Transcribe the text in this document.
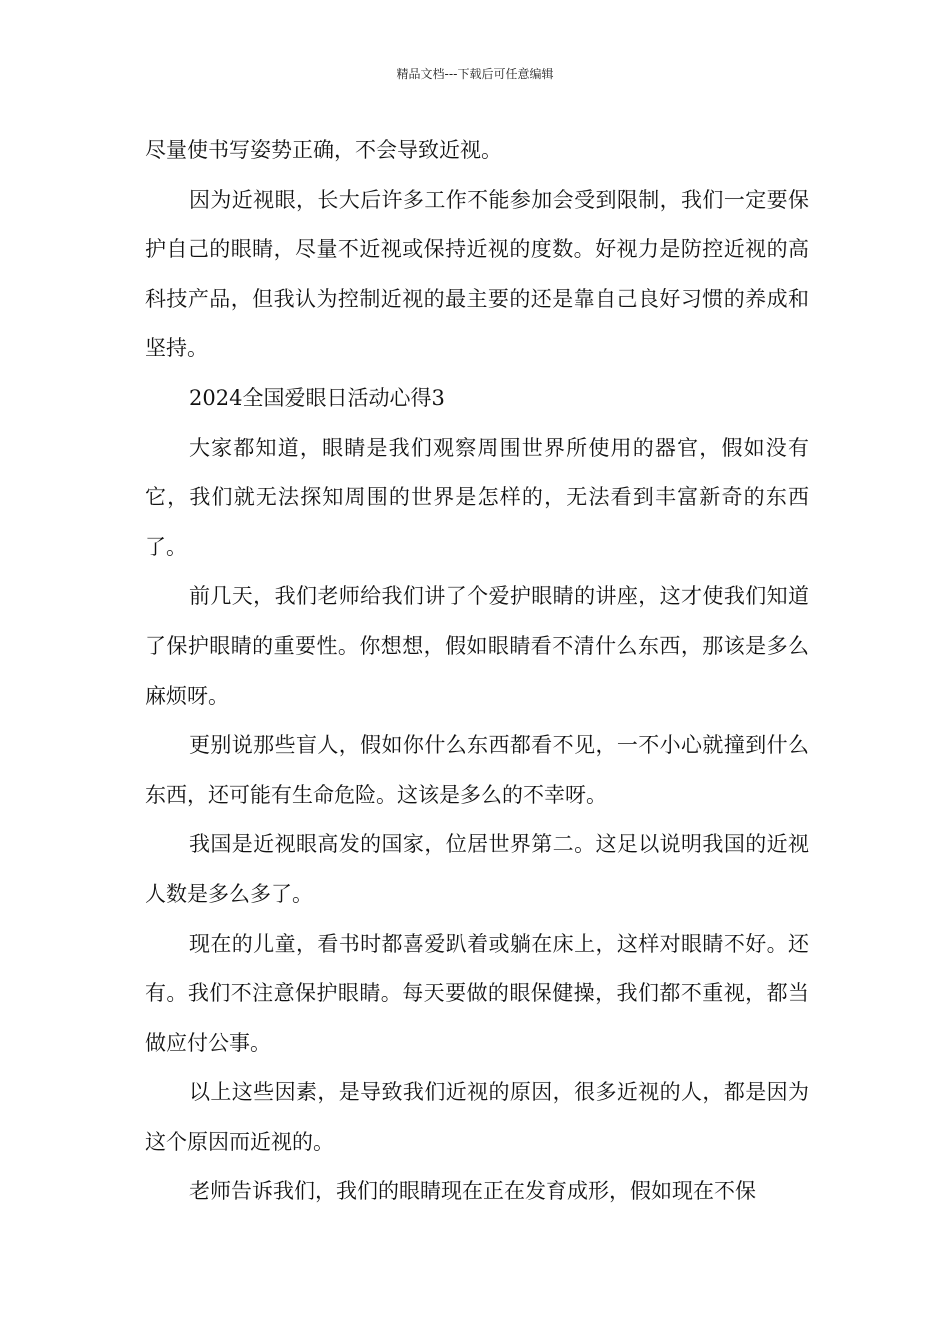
精品文档---下载后可任意编辑

尽量使书写姿势正确，不会导致近视。

因为近视眼，长大后许多工作不能参加会受到限制，我们一定要保护自己的眼睛，尽量不近视或保持近视的度数。好视力是防控近视的高科技产品，但我认为控制近视的最主要的还是靠自己良好习惯的养成和坚持。

2024全国爱眼日活动心得3

大家都知道，眼睛是我们观察周围世界所使用的器官，假如没有它，我们就无法探知周围的世界是怎样的，无法看到丰富新奇的东西了。

前几天，我们老师给我们讲了个爱护眼睛的讲座，这才使我们知道了保护眼睛的重要性。你想想，假如眼睛看不清什么东西，那该是多么麻烦呀。

更别说那些盲人，假如你什么东西都看不见，一不小心就撞到什么东西，还可能有生命危险。这该是多么的不幸呀。

我国是近视眼高发的国家，位居世界第二。这足以说明我国的近视人数是多么多了。

现在的儿童，看书时都喜爱趴着或躺在床上，这样对眼睛不好。还有。我们不注意保护眼睛。每天要做的眼保健操，我们都不重视，都当做应付公事。

以上这些因素，是导致我们近视的原因，很多近视的人，都是因为这个原因而近视的。

老师告诉我们，我们的眼睛现在正在发育成形，假如现在不保
